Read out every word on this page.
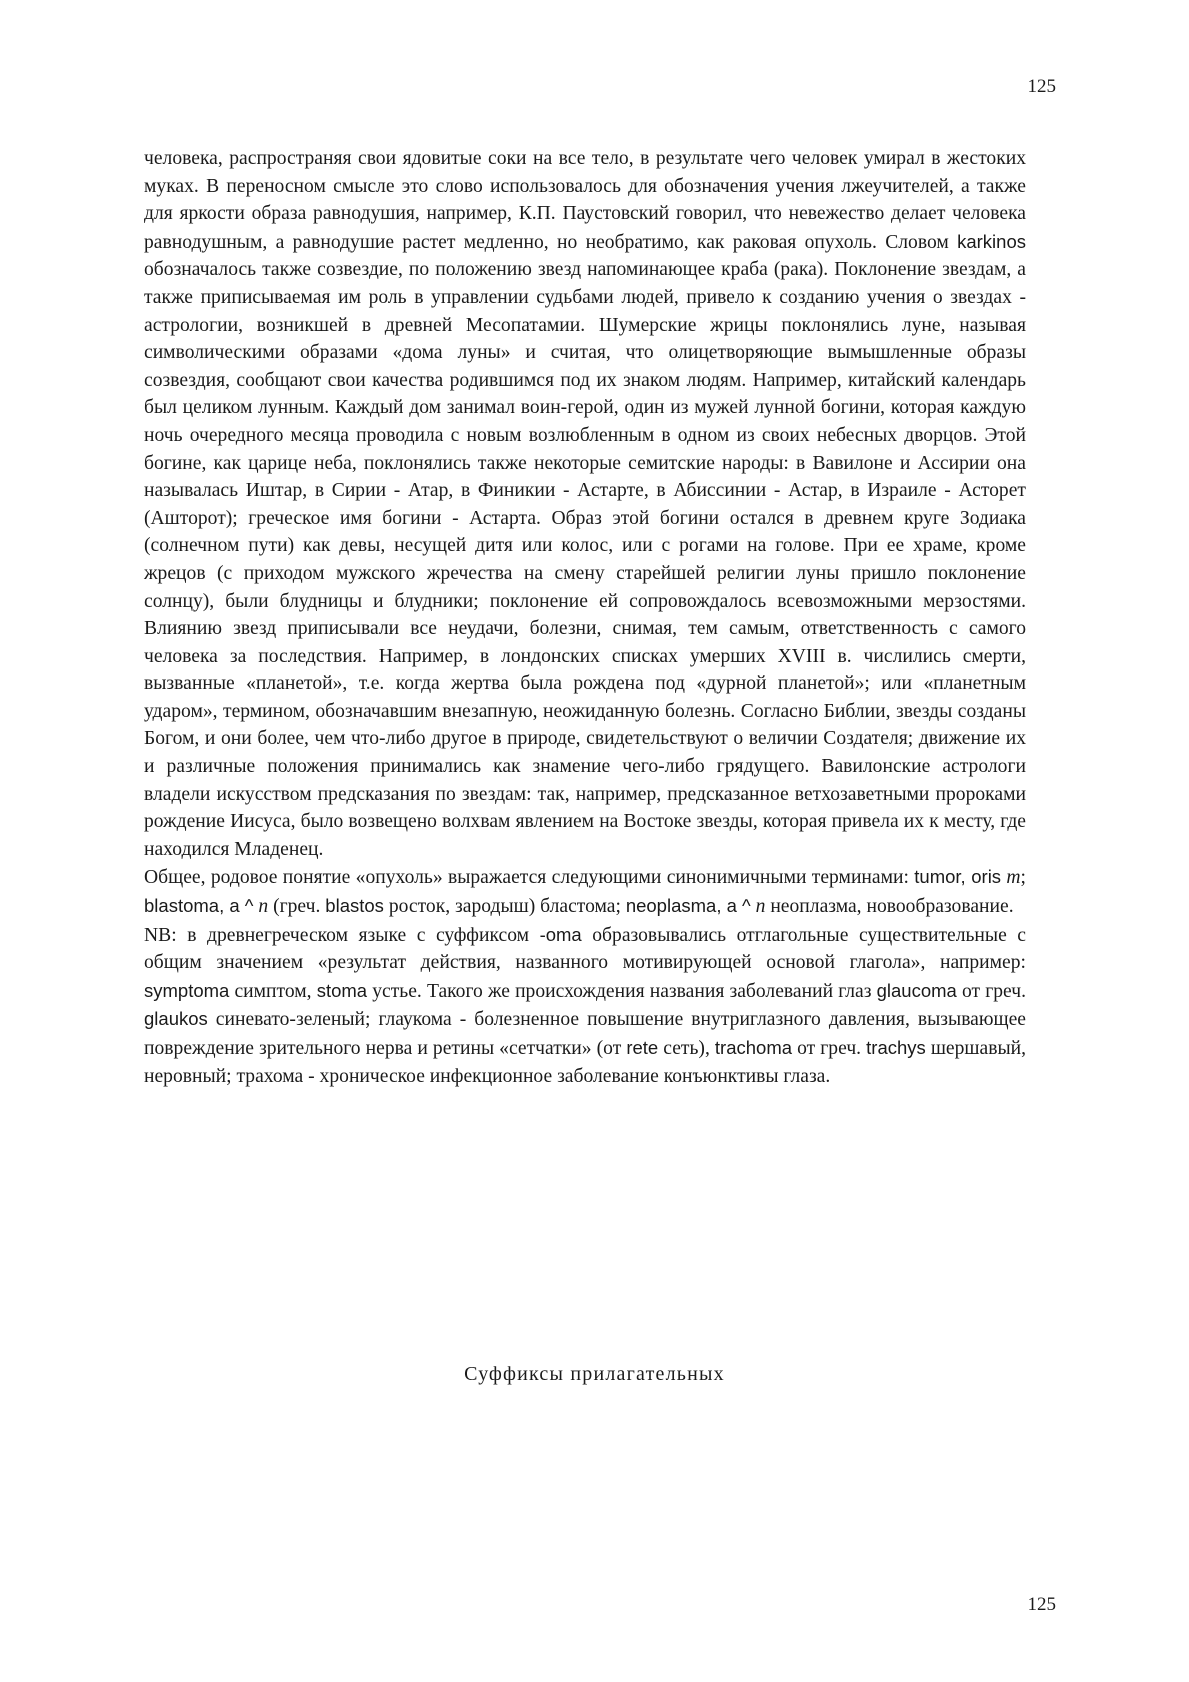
125

человека, распространяя свои ядовитые соки на все тело, в результате чего человек умирал в жестоких муках. В переносном смысле это слово использовалось для обозначения учения лжеучителей, а также для яркости образа равнодушия, например, К.П. Паустовский говорил, что невежество делает человека равнодушным, а равнодушие растет медленно, но необратимо, как раковая опухоль. Словом karkinos обозначалось также созвездие, по положению звезд напоминающее краба (рака). Поклонение звездам, а также приписываемая им роль в управлении судьбами людей, привело к созданию учения о звездах - астрологии, возникшей в древней Месопатамии. Шумерские жрицы поклонялись луне, называя символическими образами «дома луны» и считая, что олицетворяющие вымышленные образы созвездия, сообщают свои качества родившимся под их знаком людям. Например, китайский календарь был целиком лунным. Каждый дом занимал воин-герой, один из мужей лунной богини, которая каждую ночь очередного месяца проводила с новым возлюбленным в одном из своих небесных дворцов. Этой богине, как царице неба, поклонялись также некоторые семитские народы: в Вавилоне и Ассирии она называлась Иштар, в Сирии - Атар, в Финикии - Астарте, в Абиссинии - Астар, в Израиле - Асторет (Ашторот); греческое имя богини - Астарта. Образ этой богини остался в древнем круге Зодиака (солнечном пути) как девы, несущей дитя или колос, или с рогами на голове. При ее храме, кроме жрецов (с приходом мужского жречества на смену старейшей религии луны пришло поклонение солнцу), были блудницы и блудники; поклонение ей сопровождалось всевозможными мерзостями. Влиянию звезд приписывали все неудачи, болезни, снимая, тем самым, ответственность с самого человека за последствия. Например, в лондонских списках умерших XVIII в. числились смерти, вызванные «планетой», т.е. когда жертва была рождена под «дурной планетой»; или «планетным ударом», термином, обозначавшим внезапную, неожиданную болезнь. Согласно Библии, звезды созданы Богом, и они более, чем что-либо другое в природе, свидетельствуют о величии Создателя; движение их и различные положения принимались как знамение чего-либо грядущего. Вавилонские астрологи владели искусством предсказания по звездам: так, например, предсказанное ветхозаветными пророками рождение Иисуса, было возвещено волхвам явлением на Востоке звезды, которая привела их к месту, где находился Младенец.

Общее, родовое понятие «опухоль» выражается следующими синонимичными терминами: tumor, oris m; blastoma, a ^ n (греч. blastos росток, зародыш) бластома; neoplasma, a ^ n неоплазма, новообразование.

NB: в древнегреческом языке с суффиксом -oma образовывались отглагольные существительные с общим значением «результат действия, названного мотивирующей основой глагола», например: symptoma симптом, stoma устье. Такого же происхождения названия заболеваний глаз glaucoma от греч. glaukos синевато-зеленый; глаукома - болезненное повышение внутриглазного давления, вызывающее повреждение зрительного нерва и ретины «сетчатки» (от rete сеть), trachoma от греч. trachys шершавый, неровный; трахома - хроническое инфекционное заболевание конъюнктивы глаза.

Суффиксы прилагательных
125
